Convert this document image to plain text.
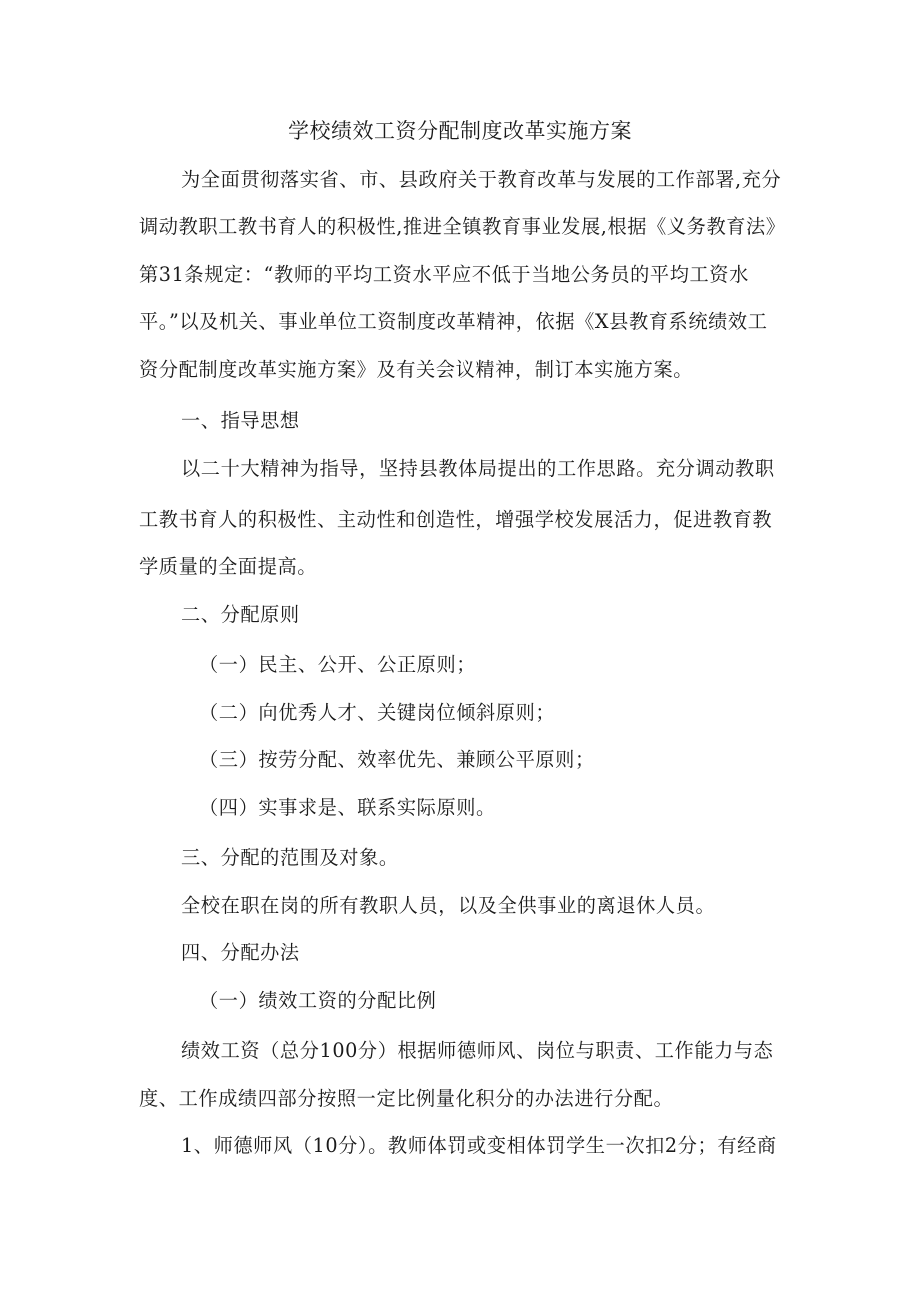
学校绩效工资分配制度改革实施方案
为全面贯彻落实省、市、县政府关于教育改革与发展的工作部署,充分
调动教职工教书育人的积极性,推进全镇教育事业发展,根据《义务教育法》
第31条规定：“教师的平均工资水平应不低于当地公务员的平均工资水
平。”以及机关、事业单位工资制度改革精神，依据《X县教育系统绩效工
资分配制度改革实施方案》及有关会议精神，制订本实施方案。
一、指导思想
以二十大精神为指导，坚持县教体局提出的工作思路。充分调动教职
工教书育人的积极性、主动性和创造性，增强学校发展活力，促进教育教
学质量的全面提高。
二、分配原则
（一）民主、公开、公正原则；
（二）向优秀人才、关键岗位倾斜原则；
（三）按劳分配、效率优先、兼顾公平原则；
（四）实事求是、联系实际原则。
三、分配的范围及对象。
全校在职在岗的所有教职人员，以及全供事业的离退休人员。
四、分配办法
（一）绩效工资的分配比例
绩效工资（总分100分）根据师德师风、岗位与职责、工作能力与态
度、工作成绩四部分按照一定比例量化积分的办法进行分配。
1、师德师风（10分）。教师体罚或变相体罚学生一次扣2分；有经商
